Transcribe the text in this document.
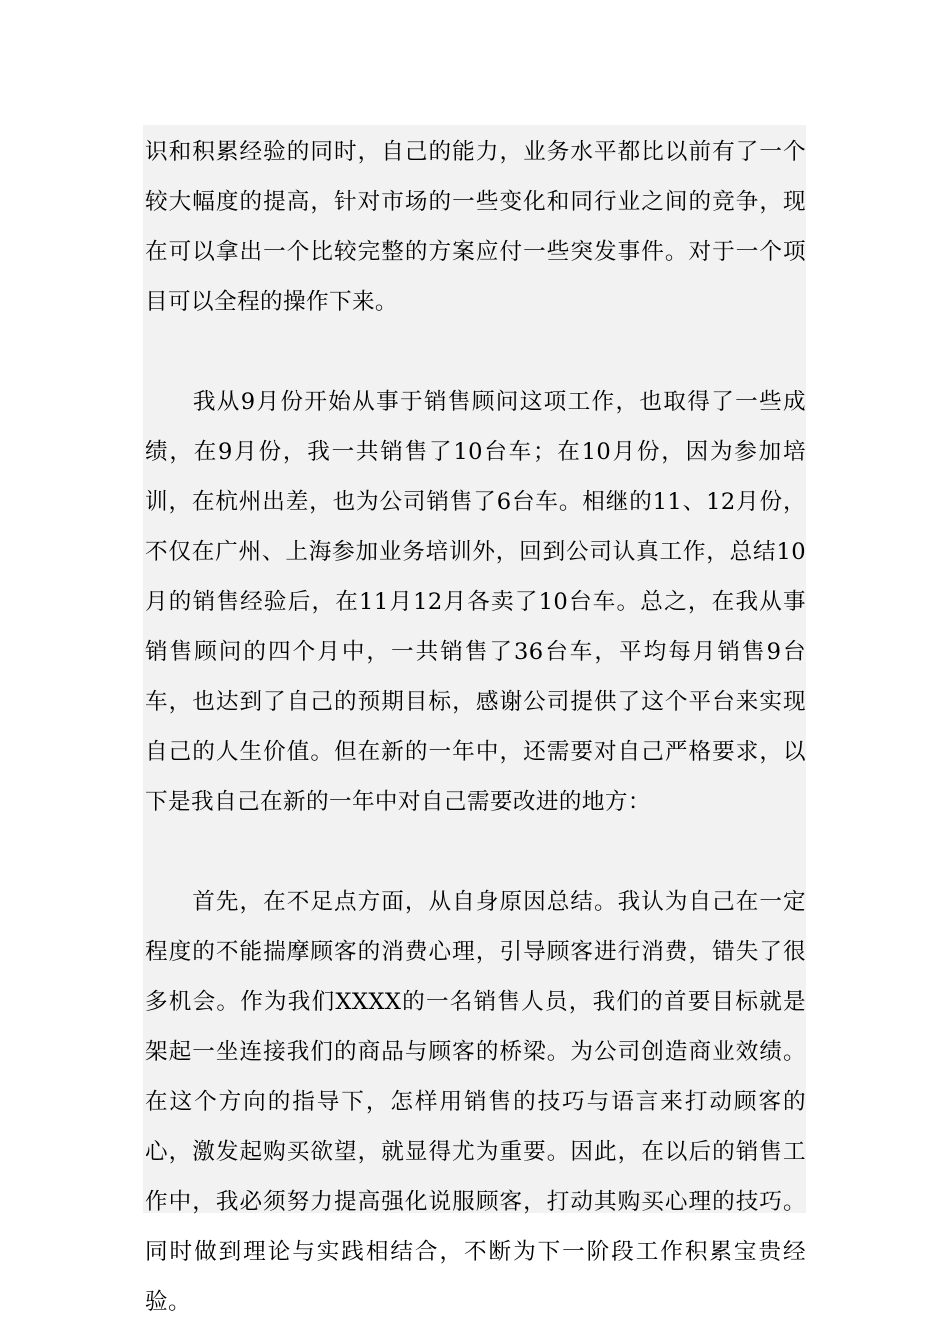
识和积累经验的同时，自己的能力，业务水平都比以前有了一个较大幅度的提高，针对市场的一些变化和同行业之间的竞争，现在可以拿出一个比较完整的方案应付一些突发事件。对于一个项目可以全程的操作下来。

　　我从9月份开始从事于销售顾问这项工作，也取得了一些成绩，在9月份，我一共销售了10台车；在10月份，因为参加培训，在杭州出差，也为公司销售了6台车。相继的11、12月份，不仅在广州、上海参加业务培训外，回到公司认真工作，总结10月的销售经验后，在11月12月各卖了10台车。总之，在我从事销售顾问的四个月中，一共销售了36台车，平均每月销售9台车，也达到了自己的预期目标，感谢公司提供了这个平台来实现自己的人生价值。但在新的一年中，还需要对自己严格要求，以下是我自己在新的一年中对自己需要改进的地方：

　　首先，在不足点方面，从自身原因总结。我认为自己在一定程度的不能揣摩顾客的消费心理，引导顾客进行消费，错失了很多机会。作为我们XXXX的一名销售人员，我们的首要目标就是架起一坐连接我们的商品与顾客的桥梁。为公司创造商业效绩。在这个方向的指导下，怎样用销售的技巧与语言来打动顾客的心，激发起购买欲望，就显得尤为重要。因此，在以后的销售工作中，我必须努力提高强化说服顾客，打动其购买心理的技巧。同时做到理论与实践相结合，不断为下一阶段工作积累宝贵经验。
